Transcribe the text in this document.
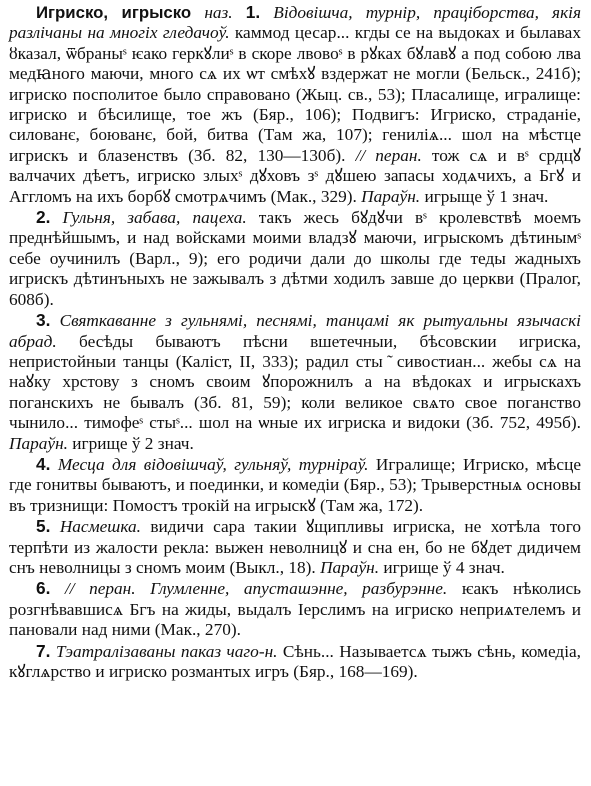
Игриско, игрыско наз. 1. Відовішча, турнір, праціборства, якія разлічаны на многіх гледачоў. каммод цесар... кгды се на выдоках и былавах ȣказал, ѿбраныˢ ѥако геркꙋлиˢ в скоре лвовоˢ в рꙋках бꙋлавꙋ а под собою лва медꙗного маючи, много сѧ их ѡт смѣхꙋ вздержат не могли (Бельск., 241б); игриско посполитое было справовано (Жыц. св., 53); Пласалище, игралище: игриско и бѣсилище, тое жъ (Бяр., 106); Подвигъ: Игриско, страданіе, силованє, боюванє, бой, битва (Там жа, 107); гениліѧ... шол на мѣстце игрискъ и блазенствъ (Зб. 82, 130—130б). // перан. тож сѧ и вˢ срдцꙋ валчачих дѣетъ, игриско злыхˢ дꙋховъ зˢ дꙋшею запасы ходѧчихъ, а Бгꙋ и Аггломъ на ихъ борбꙋ смотрѧчимъ (Мак., 329). Параўн. игрыще ў 1 знач.

2. Гульня, забава, пацеха. такъ жесь бꙋдꙋчи вˢ кролевствѣ моемъ преднѣйшымъ, и над войсками моими владзꙋ маючи, игрыскомъ дѣтинымˢ себе оучинилъ (Варл., 9); его родичи дали до школы где теды жадныхъ игрискъ дѣтинъныхъ не зажывалъ з дѣтми ходилъ завше до церкви (Пралог, 608б).

3. Святкаванне з гульнямі, песнямі, танцамі як рытуальны язычаскі абрад. бесѣды бываютъ пѣсни вшетечныи, бѣсовскии игриска, непристойныи танцы (Каліст, II, 333); радил сты ̃ сивостиан... жебы сѧ на наꙋку хрстову з сномъ своим ꙋпорожнилъ а на вѣдоках и игрыскахъ поганскихъ не бывалъ (Зб. 81, 59); коли великое свѧто свое поганство чынило... тимофеˢ стыˢ... шол на ѡные их игриска и видоки (Зб. 752, 495б). Параўн. игрище ў 2 знач.

4. Месца для відовішчаў, гульняў, турніраў. Игралище; Игриско, мѣсце где гонитвы бываютъ, и поединки, и комедіи (Бяр., 53); Трыверстныѧ основы въ тризнищи: Помостъ трокій на игрыскꙋ (Там жа, 172).

5. Насмешка. видичи сара такии ꙋщипливы игриска, не хотѣла того терпѣти из жалости рекла: выжен неволницꙋ и сна ен, бо не бꙋдет дидичем снъ неволницы з сномъ моим (Выкл., 18). Параўн. игрище ў 4 знач.

6. // перан. Глумленне, апусташэнне, разбурэнне. ѥакъ нѣколись розгнѣвавшисѧ Бгъ на жиды, выдалъ Іерслимъ на игриско неприѧтелемъ и пановали над ними (Мак., 270).

7. Тэатралізаваны паказ чаго-н. Сѣнь... Называетсѧ тыжъ сѣнь, комедіа, кꙋглѧрство и игриско розмантых игръ (Бяр., 168—169).
